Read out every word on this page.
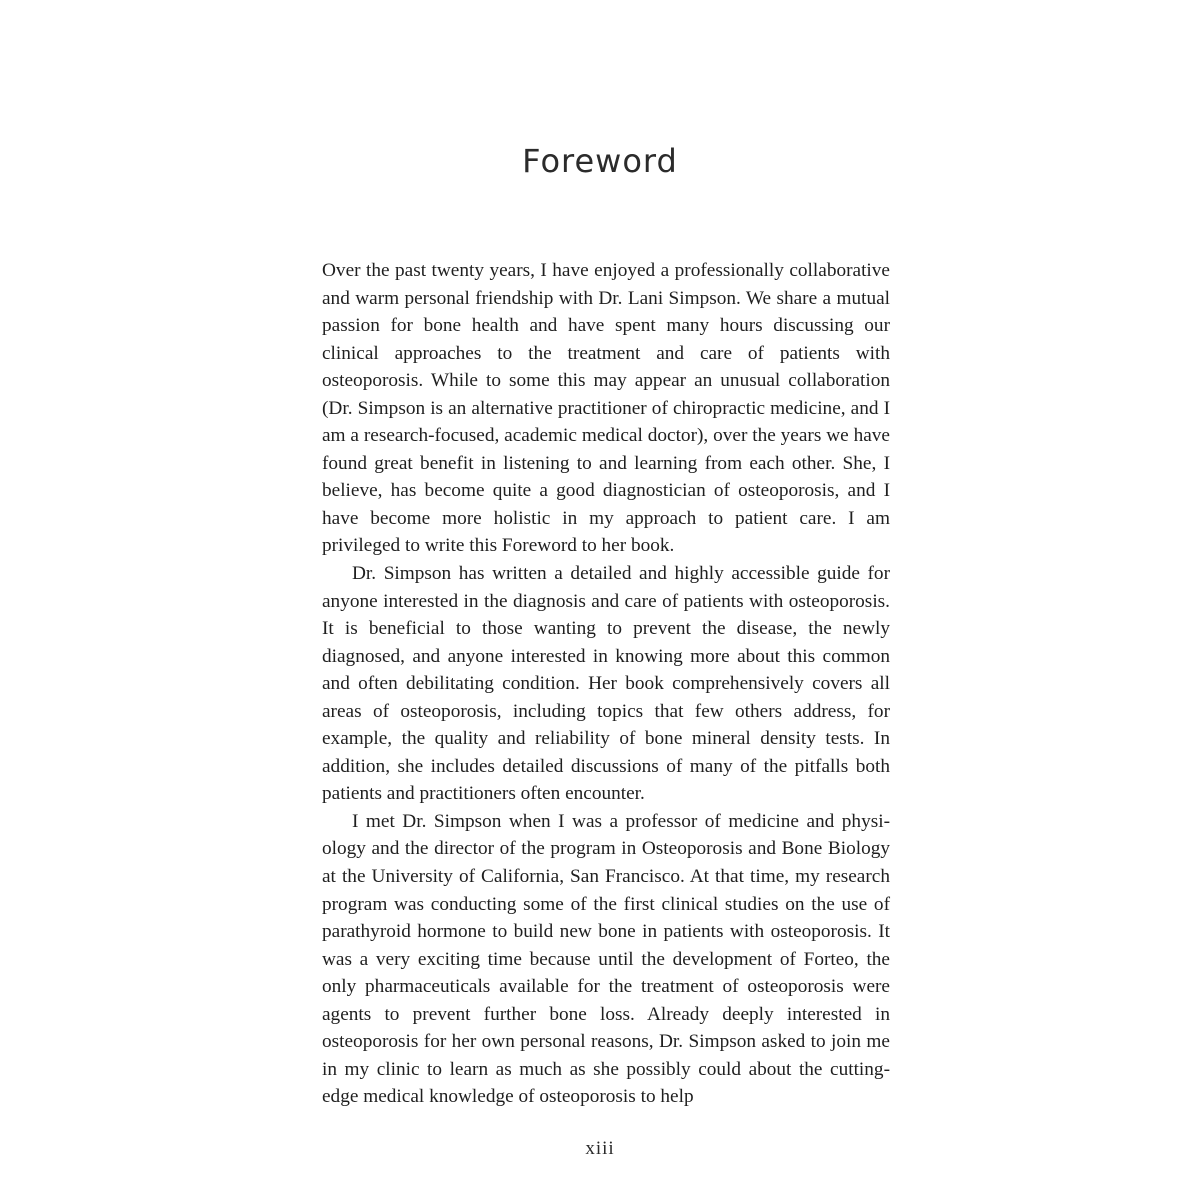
Foreword

Over the past twenty years, I have enjoyed a professionally collaborative and warm personal friendship with Dr. Lani Simpson. We share a mutual passion for bone health and have spent many hours discussing our clinical approaches to the treatment and care of patients with osteoporosis. While to some this may appear an unusual collaboration (Dr. Simpson is an alternative practitioner of chiropractic medicine, and I am a research-focused, academic medical doctor), over the years we have found great benefit in listening to and learning from each other. She, I believe, has become quite a good diagnostician of osteoporosis, and I have become more holistic in my approach to patient care. I am privileged to write this Foreword to her book.

Dr. Simpson has written a detailed and highly accessible guide for anyone interested in the diagnosis and care of patients with osteoporosis. It is beneficial to those wanting to prevent the disease, the newly diagnosed, and anyone interested in knowing more about this common and often debilitating condition. Her book comprehensively covers all areas of osteoporosis, including topics that few others address, for example, the quality and reliability of bone mineral density tests. In addition, she includes detailed discussions of many of the pitfalls both patients and practitioners often encounter.

I met Dr. Simpson when I was a professor of medicine and physiology and the director of the program in Osteoporosis and Bone Biology at the University of California, San Francisco. At that time, my research program was conducting some of the first clinical studies on the use of parathyroid hormone to build new bone in patients with osteoporosis. It was a very exciting time because until the development of Forteo, the only pharmaceuticals available for the treatment of osteoporosis were agents to prevent further bone loss. Already deeply interested in osteoporosis for her own personal reasons, Dr. Simpson asked to join me in my clinic to learn as much as she possibly could about the cutting-edge medical knowledge of osteoporosis to help

xiii
